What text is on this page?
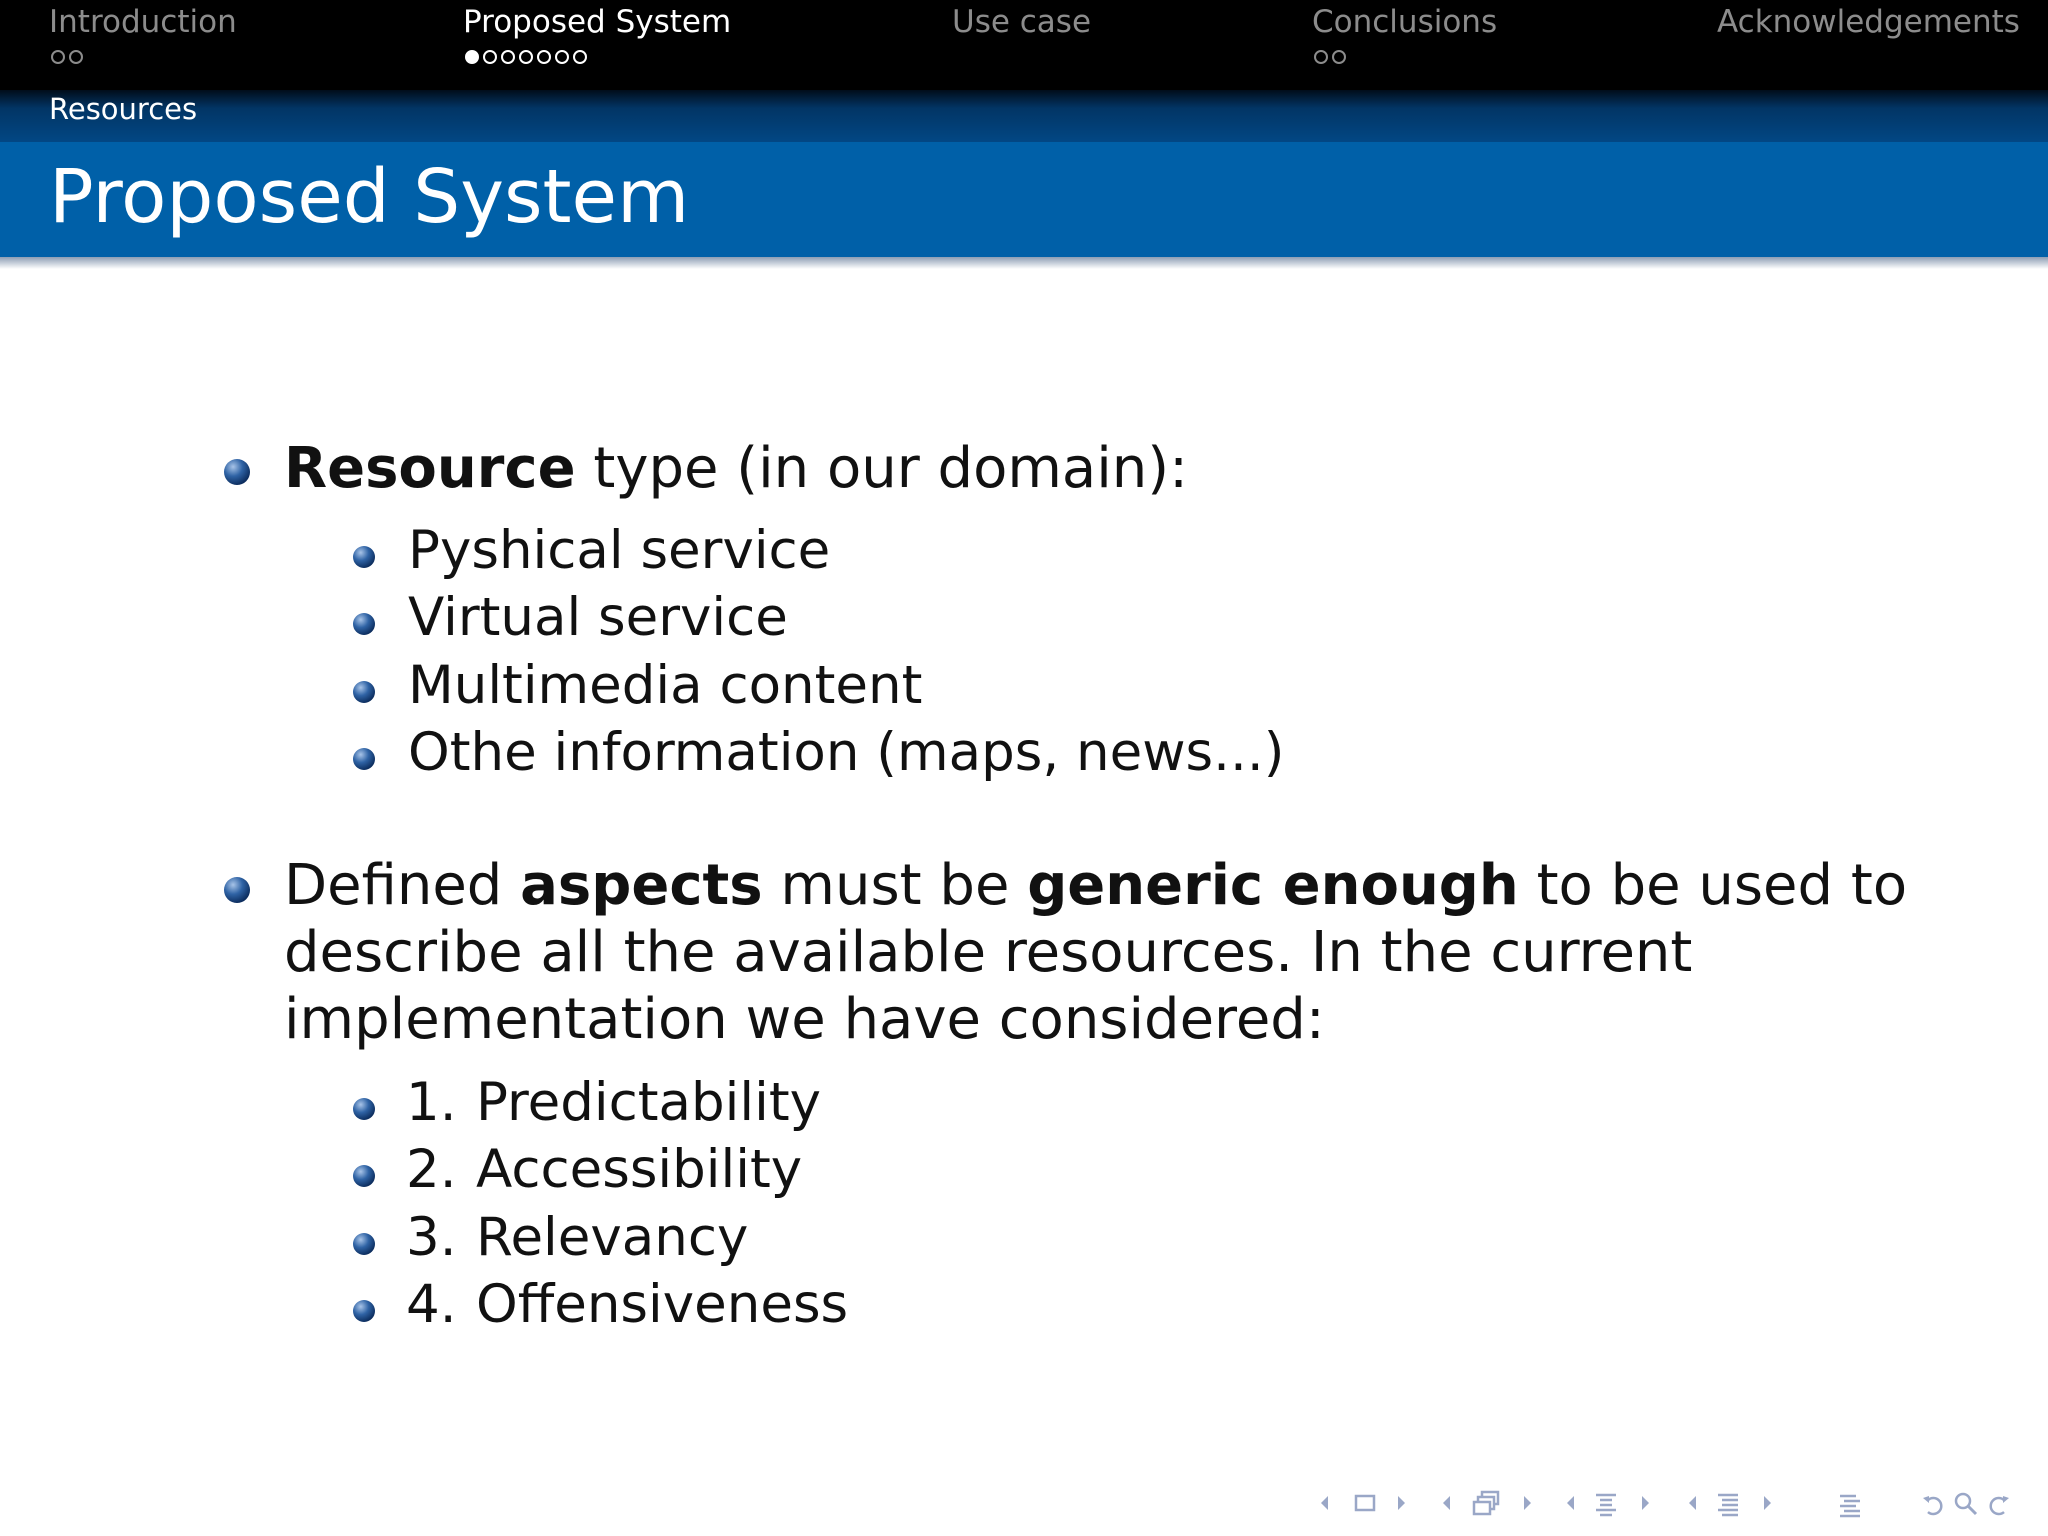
Introduction	Proposed System	Use case	Conclusions	Acknowledgements
Resources
Proposed System
Resource type (in our domain):
Pyshical service
Virtual service
Multimedia content
Othe information (maps, news...)
Defined aspects must be generic enough to be used to
describe all the available resources. In the current
implementation we have considered:
1. Predictability
2. Accessibility
3. Relevancy
4. Offensiveness
